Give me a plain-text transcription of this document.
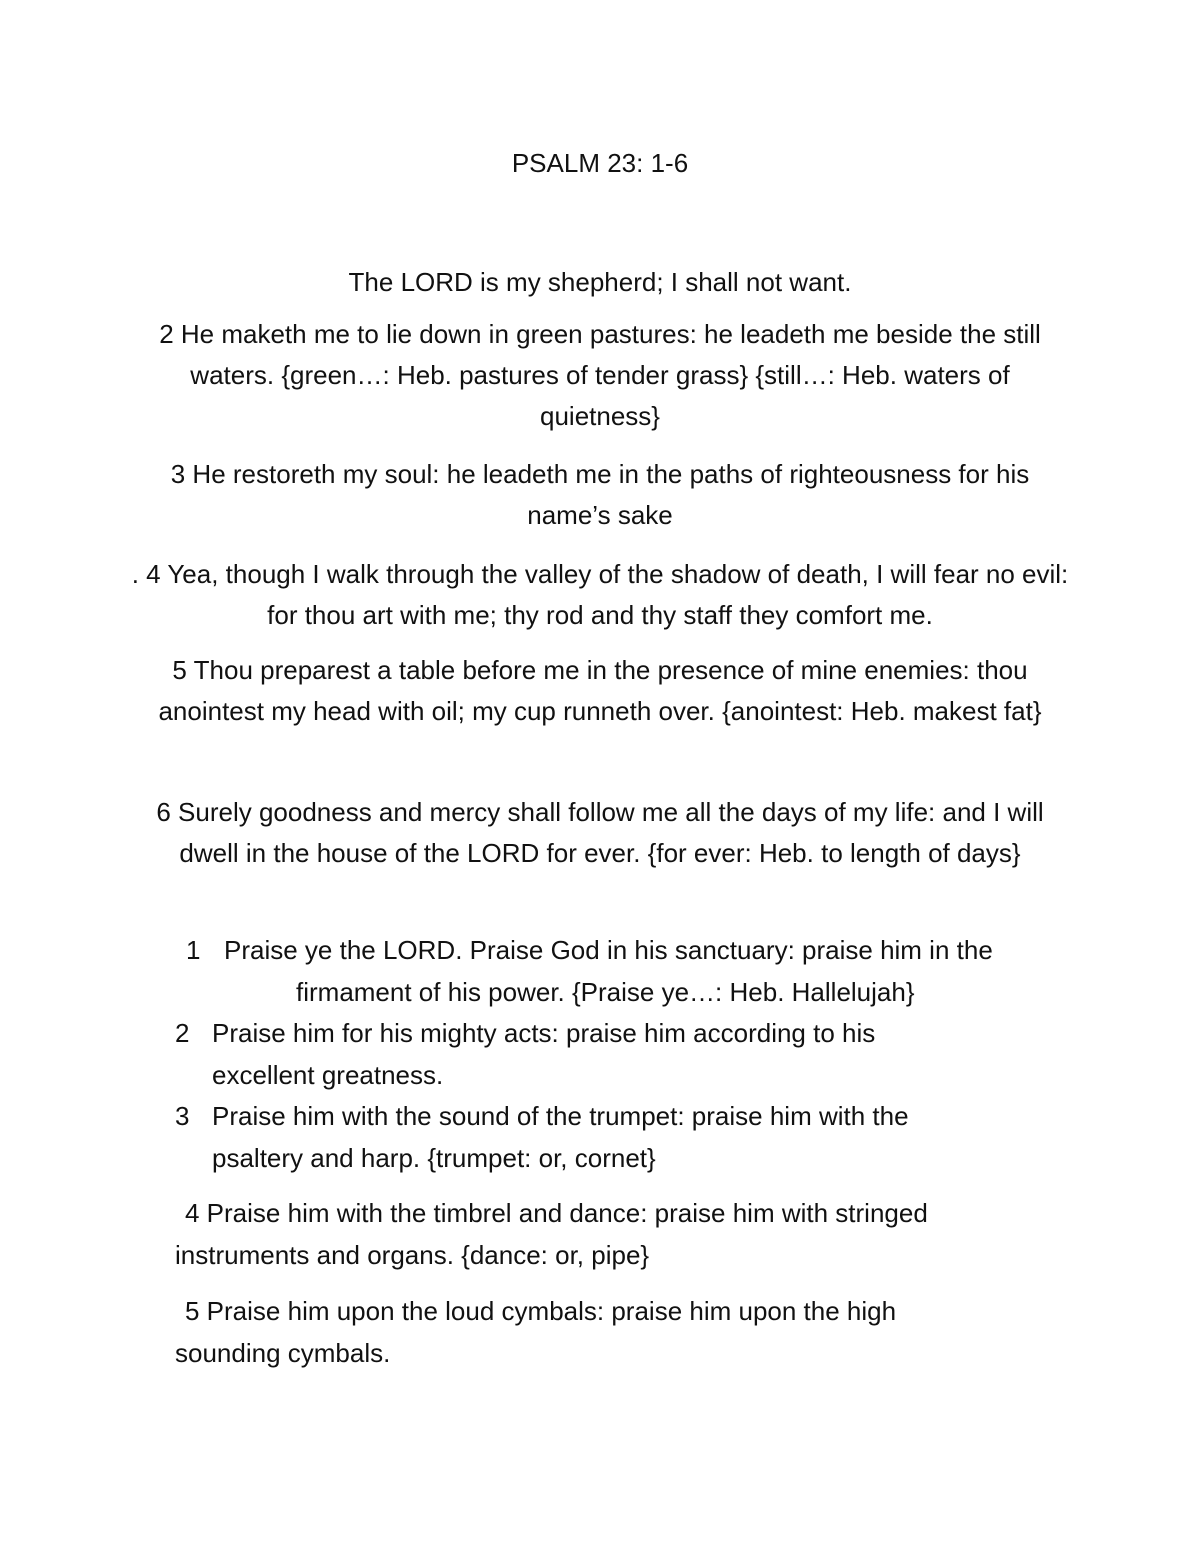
PSALM 23: 1-6
The LORD is my shepherd; I shall not want.
2 He maketh me to lie down in green pastures: he leadeth me beside the still waters. {green…: Heb. pastures of tender grass} {still…: Heb. waters of quietness}
3 He restoreth my soul: he leadeth me in the paths of righteousness for his name’s sake
. 4 Yea, though I walk through the valley of the shadow of death, I will fear no evil: for thou art with me; thy rod and thy staff they comfort me.
5 Thou preparest a table before me in the presence of mine enemies: thou anointest my head with oil; my cup runneth over. {anointest: Heb. makest fat}
6 Surely goodness and mercy shall follow me all the days of my life: and I will dwell in the house of the LORD for ever. {for ever: Heb. to length of days}
1 Praise ye the LORD. Praise God in his sanctuary: praise him in the
firmament of his power. {Praise ye…: Heb. Hallelujah}
2 Praise him for his mighty acts: praise him according to his
excellent greatness.
3 Praise him with the sound of the trumpet: praise him with the
psaltery and harp. {trumpet: or, cornet}
4 Praise him with the timbrel and dance: praise him with stringed
instruments and organs. {dance: or, pipe}
5 Praise him upon the loud cymbals: praise him upon the high
sounding cymbals.
